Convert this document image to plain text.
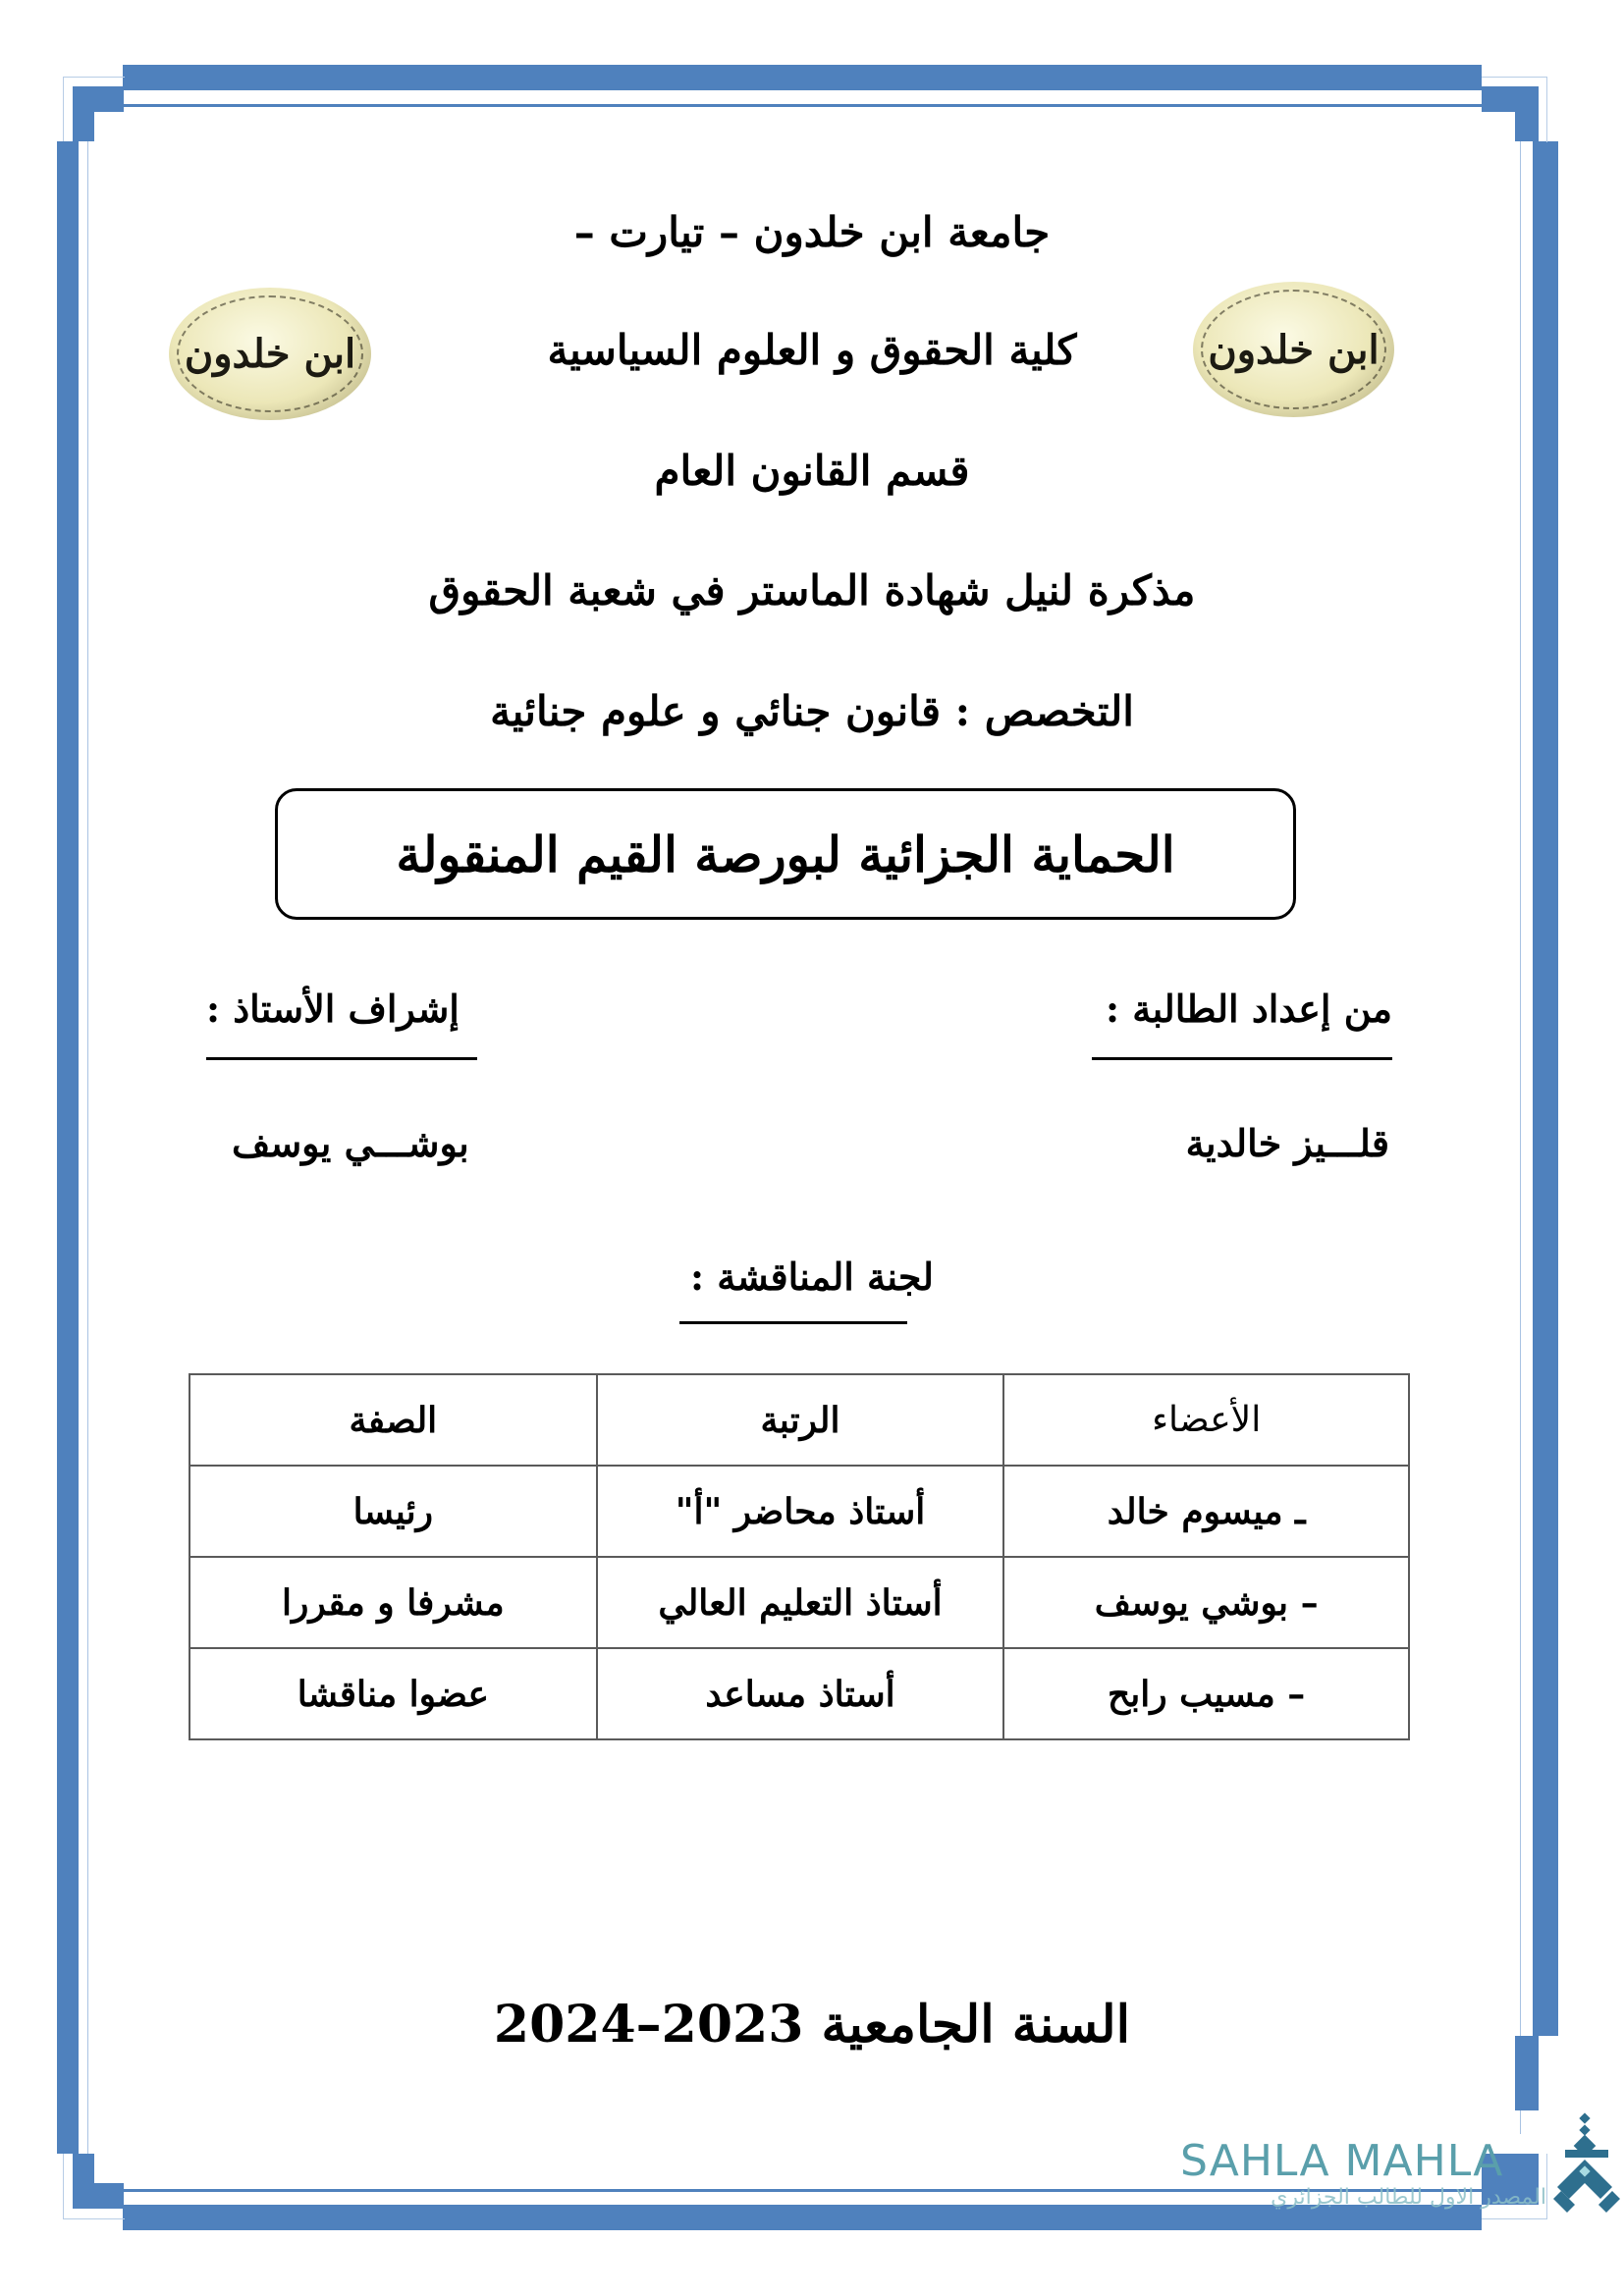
ابن خلدون	ابن خلدون
جامعة ابن خلدون – تيارت –
كلية الحقوق و العلوم السياسية
قسم القانون العام
مذكرة لنيل شهادة الماستر في شعبة الحقوق
التخصص : قانون جنائي و علوم جنائية
الحماية الجزائية لبورصة القيم المنقولة
من إعداد الطالبة :
قلـــيز خالدية
إشراف الأستاذ :
بوشـــي يوسف
لجنة المناقشة :
الأعضاء	الرتبة	الصفة
ـ ميسوم خالد	أستاذ محاضر "أ"	رئيسا
– بوشي يوسف	أستاذ التعليم العالي	مشرفا و مقررا
– مسيب رابح	أستاذ مساعد	عضوا مناقشا
السنة الجامعية 2023–2024
SAHLA MAHLA
المصدر الاول للطالب الجزائري
